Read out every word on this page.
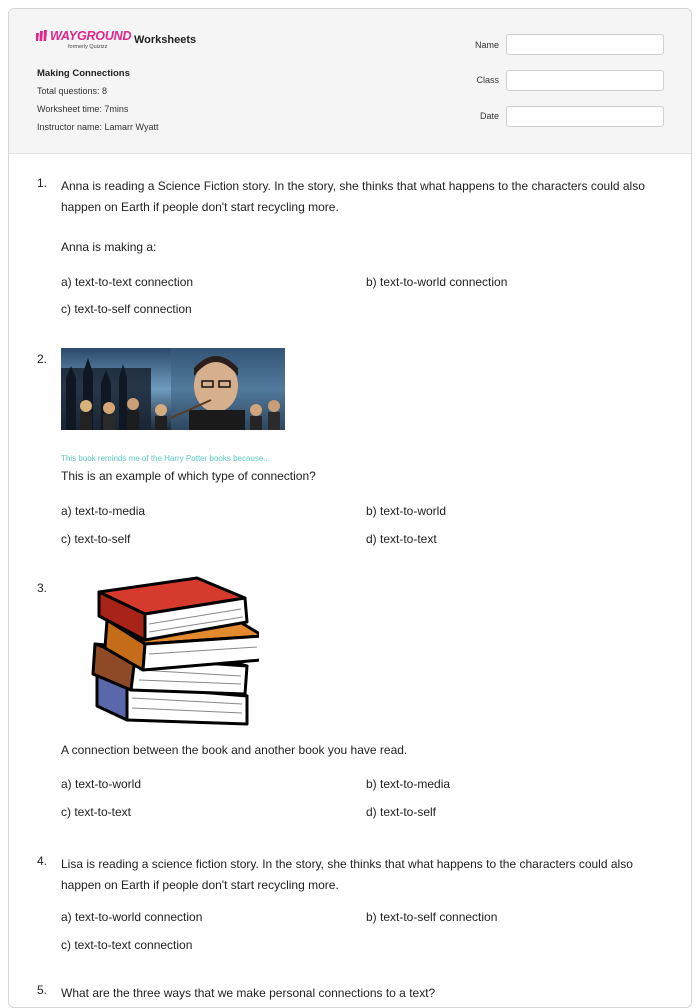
WAYGROUND
formerly Quizizz
Worksheets
Making Connections
Total questions: 8
Worksheet time: 7mins
Instructor name: Lamarr Wyatt
Name
Class
Date
1. Anna is reading a Science Fiction story. In the story, she thinks that what happens to the characters could also happen on Earth if people don't start recycling more.
Anna is making a:
a) text-to-text connection	b) text-to-world connection
c) text-to-self connection
2.
This book reminds me of the Harry Potter books because...
This is an example of which type of connection?
a) text-to-media	b) text-to-world
c) text-to-self	d) text-to-text
3.
A connection between the book and another book you have read.
a) text-to-world	b) text-to-media
c) text-to-text	d) text-to-self
4. Lisa is reading a science fiction story. In the story, she thinks that what happens to the characters could also happen on Earth if people don't start recycling more.
a) text-to-world connection	b) text-to-self connection
c) text-to-text connection
5. What are the three ways that we make personal connections to a text?
